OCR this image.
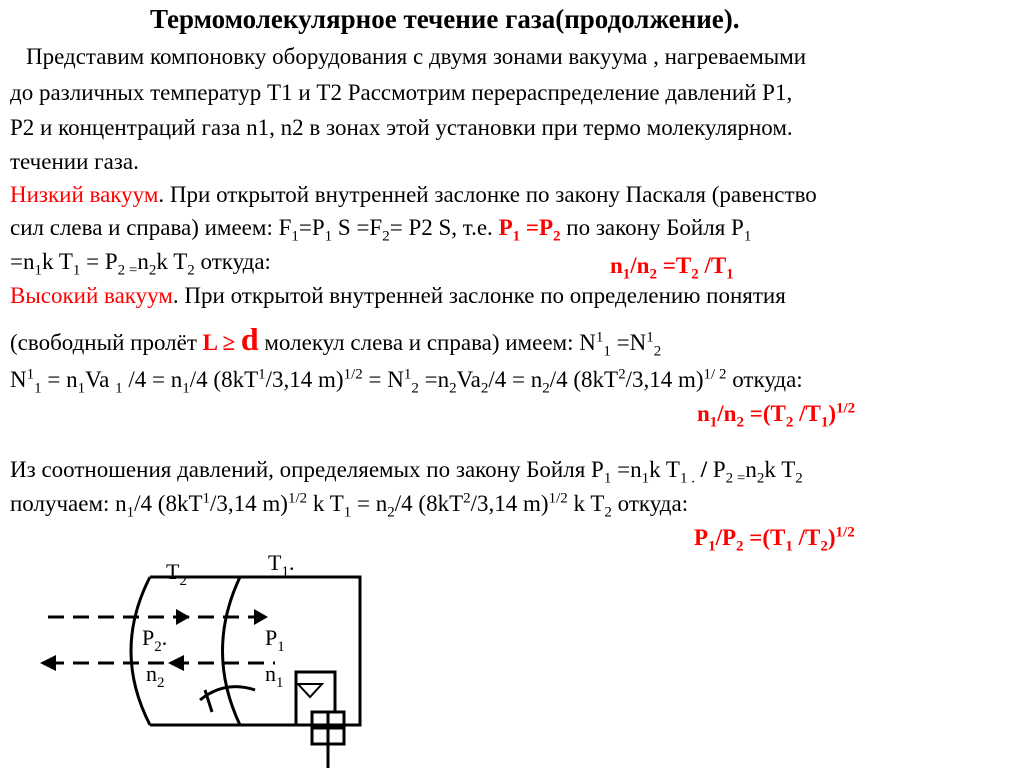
Термомолекулярное течение газа(продолжение).
Представим компоновку оборудования с двумя зонами вакуума , нагреваемыми
до различных температур Т1 и Т2 Рассмотрим перераспределение давлений Р1,
Р2 и концентраций газа n1, n2 в зонах этой установки при термо молекулярном.
течении газа.
Низкий вакуум. При открытой внутренней заслонке по закону Паскаля (равенство
сил слева и справа) имеем: $F_1=P_1$ $S =F_2= P2$ S, т.е. $P_1 =P_2$ по закону Бойля $Р_1$
$=n_1k$ $T_1 = P_{2 =}n_2k$ $T_2$ откуда:	$n_1/n_2 =T_2$ $/T_1$
Высокий вакуум. При открытой внутренней заслонке по определению понятия
(свободный пролёт L ≥ d молекул слева и справа) имеем: $N^1_1 =N^1_2$
$N^1_1 = n_1Va$ $_1$ $/4 = n_1/4$ ($8kT^1/3,14$ $m)^{1/2} = N^1_2 =n_2Va_2/4 = n_2/4$ ($8kT^2/3,14$ m)$^{1/ 2}$ откуда:
$n_1/n_2 =(T_2$ $/T_1)^{1/2}$
Из соотношения давлений, определяемых по закону Бойля $Р_1 =n_1k$ $T_{1 .} / P_{2 =}n_2k$ $T_2$
получаем: $n_1/4$ ($8kT^1/3,14$ m)$^{1/2}$ k $T_1 = n_2/4$ ($8kT^2/3,14$ m)$^{1/2}$ k $T_2$ откуда:
$P_1/P_2 =(T_1$ $/T_2)^{1/2}$
$T_2$
$T_1$.
$P_2$.
$n_2$
$P_1$
$n_1$
